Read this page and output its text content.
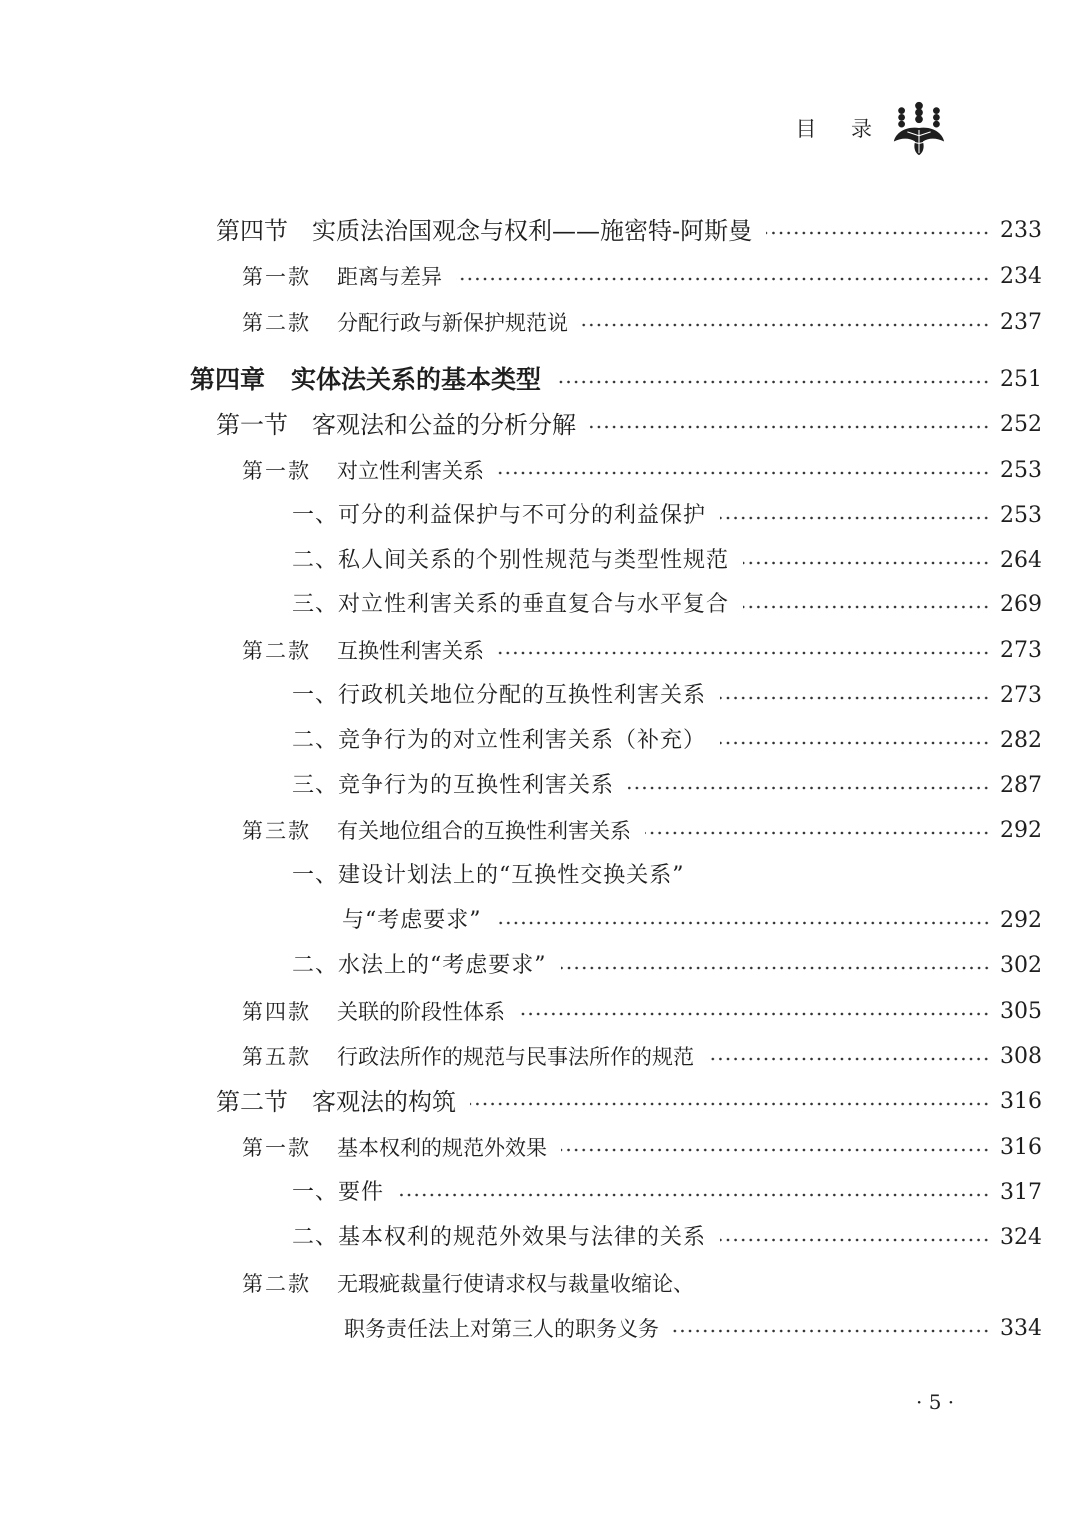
目 录
第四节 实质法治国观念与权利——施密特-阿斯曼	233
第一款 距离与差异	234
第二款 分配行政与新保护规范说	237
第四章 实体法关系的基本类型	251
第一节 客观法和公益的分析分解	252
第一款 对立性利害关系	253
一、可分的利益保护与不可分的利益保护	253
二、私人间关系的个别性规范与类型性规范	264
三、对立性利害关系的垂直复合与水平复合	269
第二款 互换性利害关系	273
一、行政机关地位分配的互换性利害关系	273
二、竞争行为的对立性利害关系（补充）	282
三、竞争行为的互换性利害关系	287
第三款 有关地位组合的互换性利害关系	292
一、建设计划法上的“互换性交换关系”
与“考虑要求”	292
二、水法上的“考虑要求”	302
第四款 关联的阶段性体系	305
第五款 行政法所作的规范与民事法所作的规范	308
第二节 客观法的构筑	316
第一款 基本权利的规范外效果	316
一、要件	317
二、基本权利的规范外效果与法律的关系	324
第二款 无瑕疵裁量行使请求权与裁量收缩论、
职务责任法上对第三人的职务义务	334
· 5 ·
